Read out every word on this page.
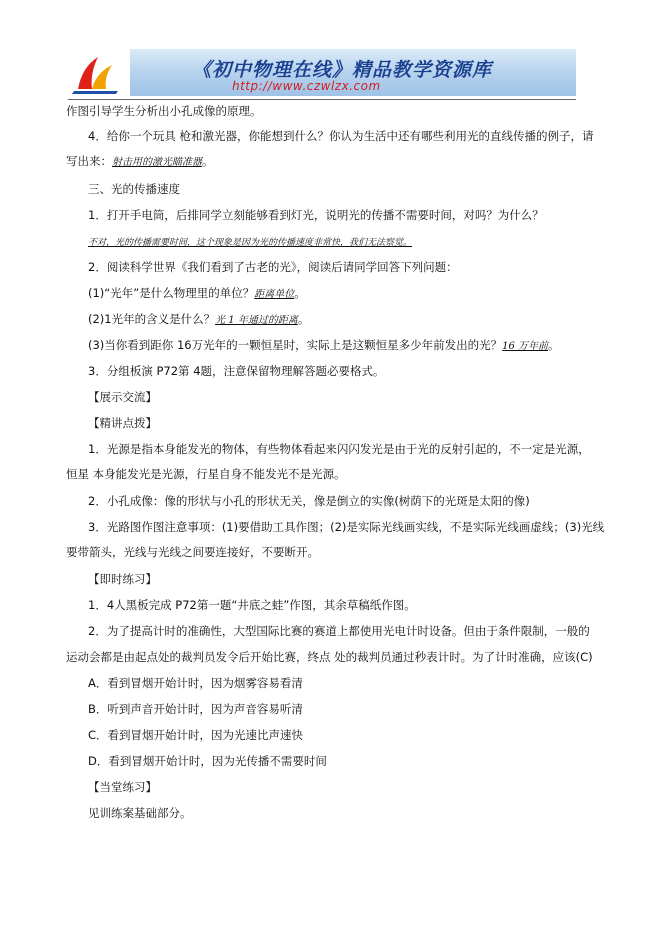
《初中物理在线》精品教学资源库
http://www.czwlzx.com
作图引导学生分析出小孔成像的原理。
4．给你一个玩具 枪和激光器，你能想到什么？你认为生活中还有哪些利用光的直线传播的例子，请
写出来：射击用的激光瞄准器。
三、光的传播速度
1．打开手电筒，后排同学立刻能够看到灯光，说明光的传播不需要时间，对吗？为什么？
不对，光的传播需要时间，这个现象是因为光的传播速度非常快，我们无法察觉。
2．阅读科学世界《我们看到了古老的光》，阅读后请同学回答下列问题：
(1)“光年”是什么物理里的单位？距离单位。
(2)1光年的含义是什么？光 1 年通过的距离。
(3)当你看到距你 16万光年的一颗恒星时，实际上是这颗恒星多少年前发出的光？16 万年前。
3．分组板演 P72第 4题，注意保留物理解答题必要格式。
【展示交流】
【精讲点拨】
1．光源是指本身能发光的物体，有些物体看起来闪闪发光是由于光的反射引起的，不一定是光源，
恒星 本身能发光是光源，行星自身不能发光不是光源。
2．小孔成像：像的形状与小孔的形状无关，像是倒立的实像(树荫下的光斑是太阳的像)
3．光路图作图注意事项：(1)要借助工具作图；(2)是实际光线画实线，不是实际光线画虚线；(3)光线
要带箭头，光线与光线之间要连接好，不要断开。
【即时练习】
1．4人黑板完成 P72第一题“井底之蛙”作图，其余草稿纸作图。
2．为了提高计时的准确性，大型国际比赛的赛道上都使用光电计时设备。但由于条件限制，一般的
运动会都是由起点处的裁判员发令后开始比赛，终点 处的裁判员通过秒表计时。为了计时准确，应该(C)
A．看到冒烟开始计时，因为烟雾容易看清
B．听到声音开始计时，因为声音容易听清
C．看到冒烟开始计时，因为光速比声速快
D．看到冒烟开始计时，因为光传播不需要时间
【当堂练习】
见训练案基础部分。
